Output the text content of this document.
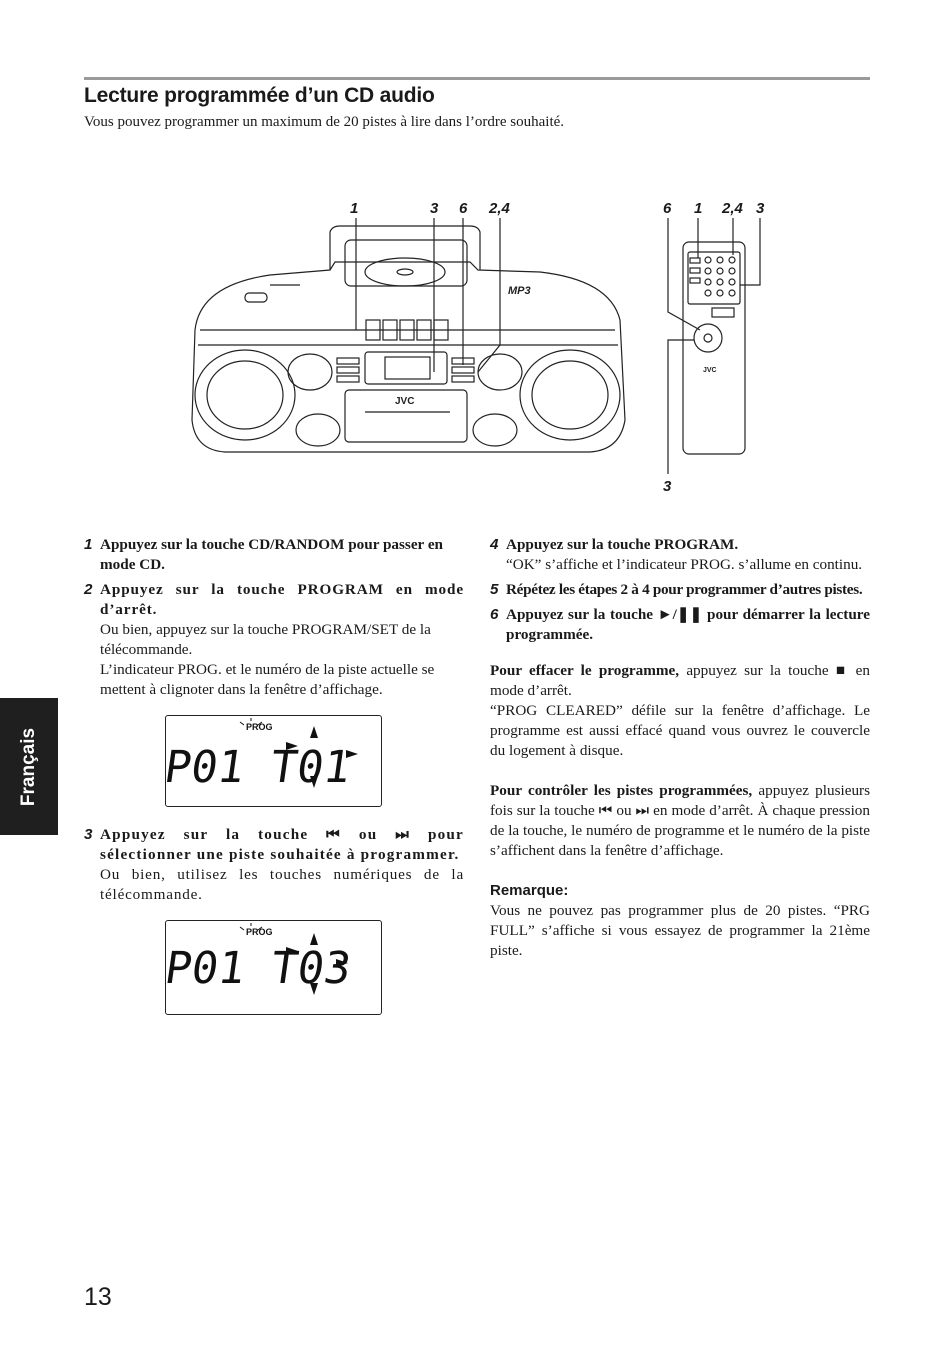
Lecture programmée d’un CD audio
Vous pouvez programmer un maximum de 20 pistes à lire dans l’ordre souhaité.
1	3 6 2,4	6 1 2,4 3
3
MP3
JVC
JVC
1 Appuyez sur la touche CD/RANDOM pour passer en mode CD.

2 Appuyez sur la touche PROGRAM en mode d’arrêt.

Ou bien, appuyez sur la touche PROGRAM/SET de la télécommande.

L’indicateur PROG. et le numéro de la piste actuelle se mettent à clignoter dans la fenêtre d’affichage.

PROG
P01 T01
3 Appuyez sur la touche ⏮ ou ⏭ pour sélectionner une piste souhaitée à programmer.

Ou bien, utilisez les touches numériques de la télécommande.

PROG
P01 T03
4 Appuyez sur la touche PROGRAM.

“OK” s’affiche et l’indicateur PROG. s’allume en continu.

5 Répétez les étapes 2 à 4 pour programmer d’autres pistes.

6 Appuyez sur la touche ►/❚❚ pour démarrer la lecture programmée.

Pour effacer le programme, appuyez sur la touche ■ en mode d’arrêt.

“PROG CLEARED” défile sur la fenêtre d’affichage. Le programme est aussi effacé quand vous ouvrez le couvercle du logement à disque.

Pour contrôler les pistes programmées, appuyez plusieurs fois sur la touche ⏮ ou ⏭ en mode d’arrêt. À chaque pression de la touche, le numéro de programme et le numéro de la piste s’affichent dans la fenêtre d’affichage.

Remarque:

Vous ne pouvez pas programmer plus de 20 pistes. “PRG FULL” s’affiche si vous essayez de programmer la 21ème piste.

Français
13
